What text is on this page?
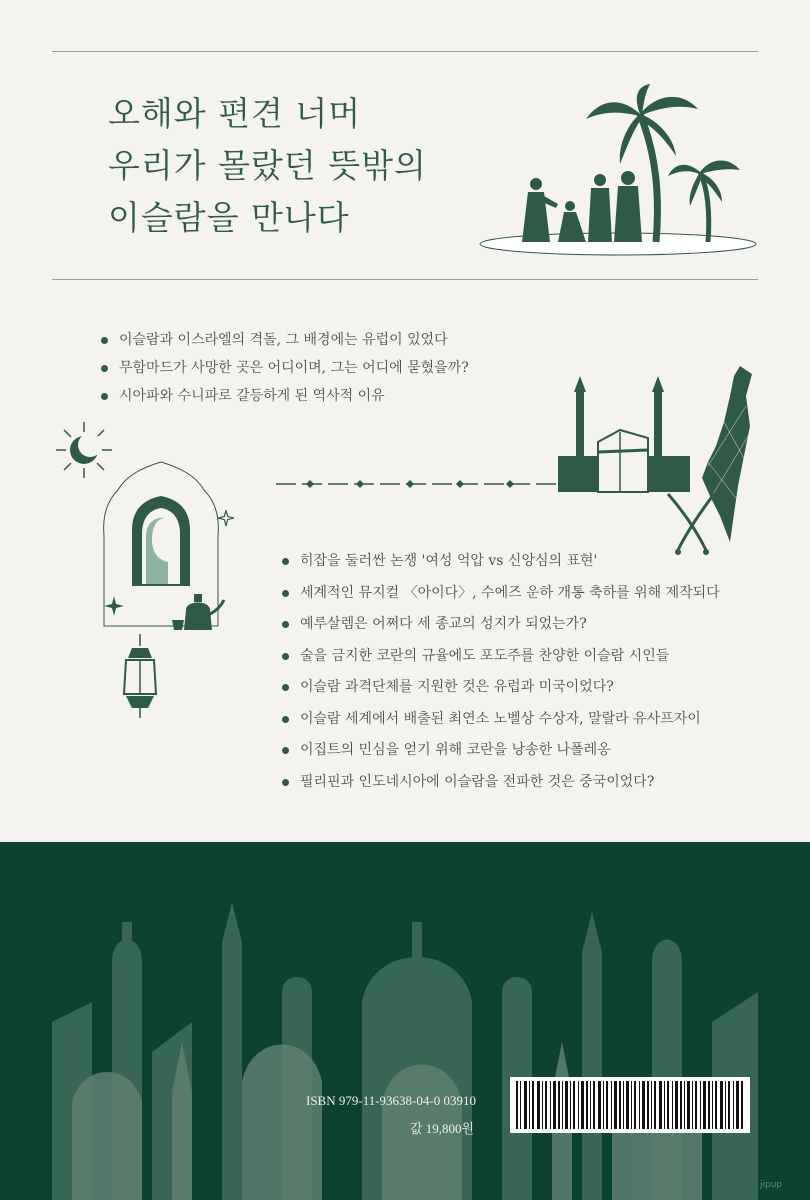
오해와 편견 너머
우리가 몰랐던 뜻밖의
이슬람을 만나다
이슬람과 이스라엘의 격돌, 그 배경에는 유럽이 있었다
무함마드가 사망한 곳은 어디이며, 그는 어디에 묻혔을까?
시아파와 수니파로 갈등하게 된 역사적 이유
히잡을 둘러싼 논쟁 '여성 억압 vs 신앙심의 표현'
세계적인 뮤지컬 〈아이다〉, 수에즈 운하 개통 축하를 위해 제작되다
예루살렘은 어쩌다 세 종교의 성지가 되었는가?
술을 금지한 코란의 규율에도 포도주를 찬양한 이슬람 시인들
이슬람 과격단체를 지원한 것은 유럽과 미국이었다?
이슬람 세계에서 배출된 최연소 노벨상 수상자, 말랄라 유사프자이
이집트의 민심을 얻기 위해 코란을 낭송한 나폴레옹
필리핀과 인도네시아에 이슬람을 전파한 것은 중국이었다?
ISBN 979-11-93638-04-0 03910
값 19,800원
jipup
